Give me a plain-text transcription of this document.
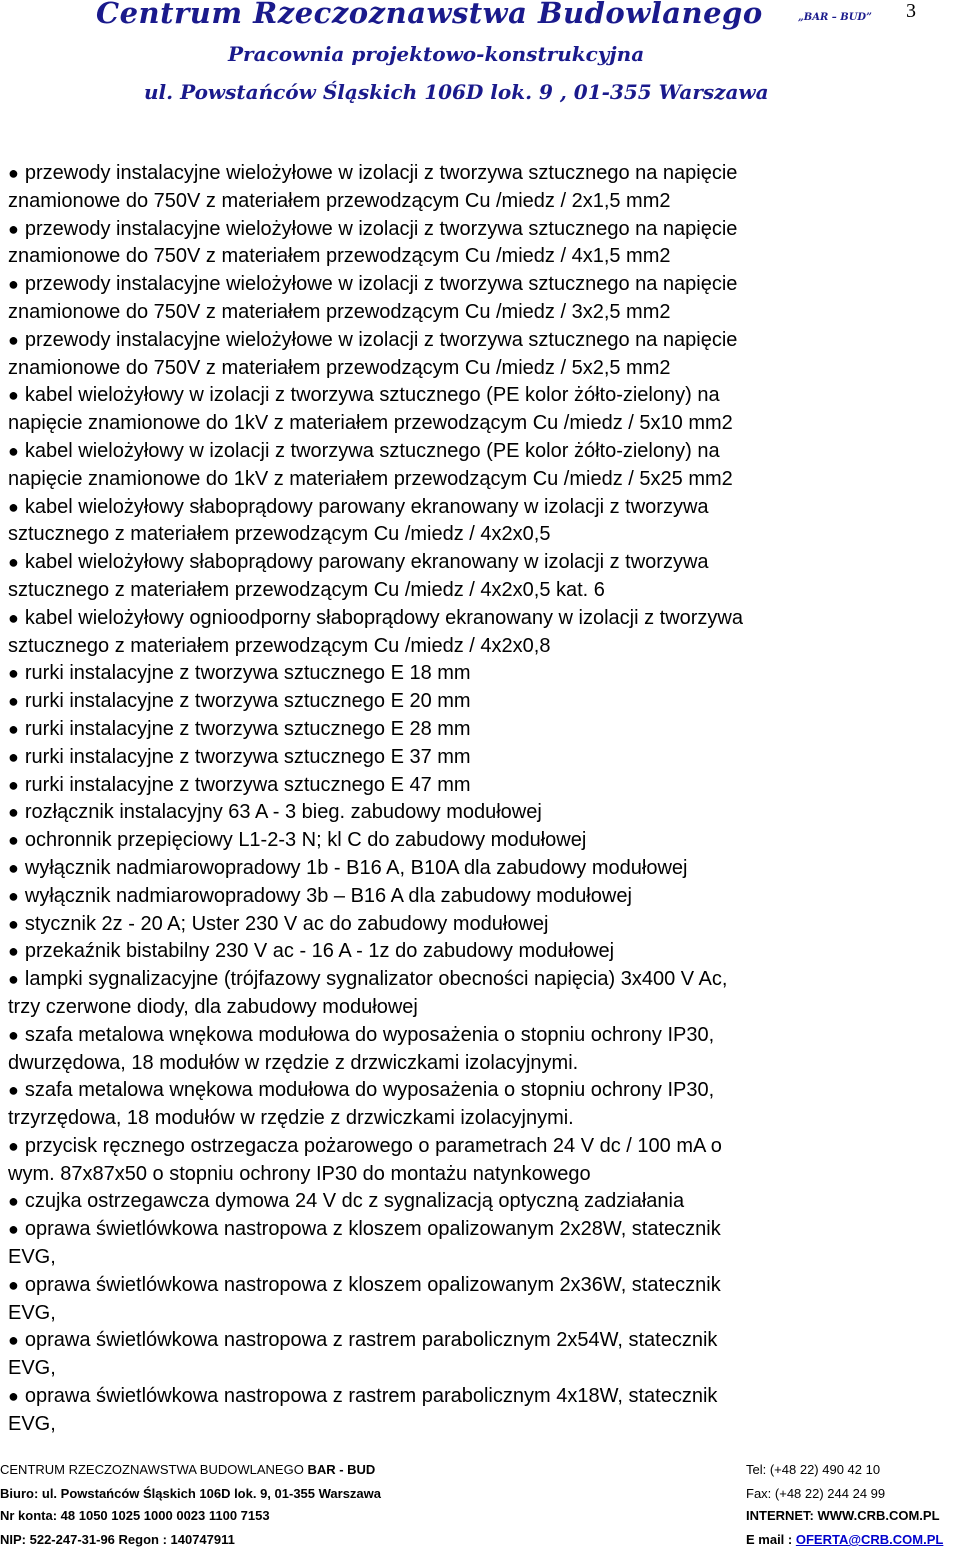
Centrum Rzeczoznawstwa Budowlanego	„BAR – BUD” 3
Pracownia projektowo-konstrukcyjna
ul. Powstańców Śląskich 106D lok. 9 , 01-355 Warszawa
● przewody instalacyjne wielożyłowe w izolacji z tworzywa sztucznego na napięcie
znamionowe do 750V z materiałem przewodzącym Cu /miedz / 2x1,5 mm2
● przewody instalacyjne wielożyłowe w izolacji z tworzywa sztucznego na napięcie
znamionowe do 750V z materiałem przewodzącym Cu /miedz / 4x1,5 mm2
● przewody instalacyjne wielożyłowe w izolacji z tworzywa sztucznego na napięcie
znamionowe do 750V z materiałem przewodzącym Cu /miedz / 3x2,5 mm2
● przewody instalacyjne wielożyłowe w izolacji z tworzywa sztucznego na napięcie
znamionowe do 750V z materiałem przewodzącym Cu /miedz / 5x2,5 mm2
● kabel wielożyłowy w izolacji z tworzywa sztucznego (PE kolor żółto-zielony) na
napięcie znamionowe do 1kV z materiałem przewodzącym Cu /miedz / 5x10 mm2
● kabel wielożyłowy w izolacji z tworzywa sztucznego (PE kolor żółto-zielony) na
napięcie znamionowe do 1kV z materiałem przewodzącym Cu /miedz / 5x25 mm2
● kabel wielożyłowy słaboprądowy parowany ekranowany w izolacji z tworzywa
sztucznego z materiałem przewodzącym Cu /miedz / 4x2x0,5
● kabel wielożyłowy słaboprądowy parowany ekranowany w izolacji z tworzywa
sztucznego z materiałem przewodzącym Cu /miedz / 4x2x0,5 kat. 6
● kabel wielożyłowy ognioodporny słaboprądowy ekranowany w izolacji z tworzywa
sztucznego z materiałem przewodzącym Cu /miedz / 4x2x0,8
● rurki instalacyjne z tworzywa sztucznego E 18 mm
● rurki instalacyjne z tworzywa sztucznego E 20 mm
● rurki instalacyjne z tworzywa sztucznego E 28 mm
● rurki instalacyjne z tworzywa sztucznego E 37 mm
● rurki instalacyjne z tworzywa sztucznego E 47 mm
● rozłącznik instalacyjny 63 A - 3 bieg. zabudowy modułowej
● ochronnik przepięciowy L1-2-3 N; kl C do zabudowy modułowej
● wyłącznik nadmiarowopradowy 1b - B16 A, B10A dla zabudowy modułowej
● wyłącznik nadmiarowopradowy 3b – B16 A dla zabudowy modułowej
● stycznik 2z - 20 A; Uster 230 V ac do zabudowy modułowej
● przekaźnik bistabilny 230 V ac - 16 A - 1z do zabudowy modułowej
● lampki sygnalizacyjne (trójfazowy sygnalizator obecności napięcia) 3x400 V Ac,
trzy czerwone diody, dla zabudowy modułowej
● szafa metalowa wnękowa modułowa do wyposażenia o stopniu ochrony IP30,
dwurzędowa, 18 modułów w rzędzie z drzwiczkami izolacyjnymi.
● szafa metalowa wnękowa modułowa do wyposażenia o stopniu ochrony IP30,
trzyrzędowa, 18 modułów w rzędzie z drzwiczkami izolacyjnymi.
● przycisk ręcznego ostrzegacza pożarowego o parametrach 24 V dc / 100 mA o
wym. 87x87x50 o stopniu ochrony IP30 do montażu natynkowego
● czujka ostrzegawcza dymowa 24 V dc z sygnalizacją optyczną zadziałania
● oprawa świetlówkowa nastropowa z kloszem opalizowanym 2x28W, statecznik
EVG,
● oprawa świetlówkowa nastropowa z kloszem opalizowanym 2x36W, statecznik
EVG,
● oprawa świetlówkowa nastropowa z rastrem parabolicznym 2x54W, statecznik
EVG,
● oprawa świetlówkowa nastropowa z rastrem parabolicznym 4x18W, statecznik
EVG,
CENTRUM RZECZOZNAWSTWA BUDOWLANEGO BAR - BUD
Biuro: ul. Powstańców Śląskich 106D lok. 9, 01-355 Warszawa
Nr konta: 48 1050 1025 1000 0023 1100 7153
NIP: 522-247-31-96 Regon : 140747911
Tel: (+48 22) 490 42 10
Fax: (+48 22) 244 24 99
INTERNET: WWW.CRB.COM.PL
E mail : OFERTA@CRB.COM.PL
